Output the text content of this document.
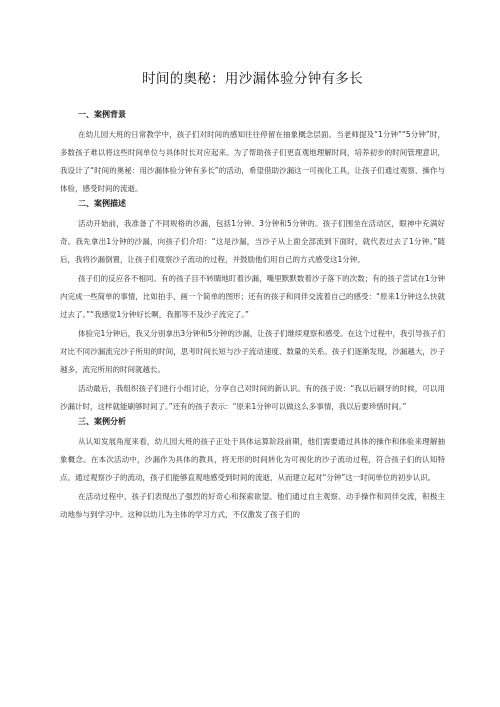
时间的奥秘：用沙漏体验分钟有多长
一、案例背景

在幼儿园大班的日常教学中，孩子们对时间的感知往往停留在抽象概念层面。当老师提及“1分钟”“5分钟”时，多数孩子难以将这些时间单位与具体时长对应起来。为了帮助孩子们更直观地理解时间，培养初步的时间管理意识，我设计了“时间的奥秘：用沙漏体验分钟有多长”的活动，希望借助沙漏这一可视化工具，让孩子们通过观察、操作与体验，感受时间的流逝。

二、案例描述

活动开始前，我准备了不同规格的沙漏，包括1分钟、3分钟和5分钟的。孩子们围坐在活动区，眼神中充满好奇。我先拿出1分钟的沙漏，向孩子们介绍：“这是沙漏，当沙子从上面全部流到下面时，就代表过去了1分钟。”随后，我将沙漏倒置，让孩子们观察沙子流动的过程，并鼓励他们用自己的方式感受这1分钟。

孩子们的反应各不相同。有的孩子目不转睛地盯着沙漏，嘴里默默数着沙子落下的次数；有的孩子尝试在1分钟内完成一些简单的事情，比如拍手、画一个简单的图形；还有的孩子和同伴交流着自己的感受：“原来1分钟这么快就过去了。”“我感觉1分钟好长啊，我都等不及沙子流完了。”

体验完1分钟后，我又分别拿出3分钟和5分钟的沙漏，让孩子们继续观察和感受。在这个过程中，我引导孩子们对比不同沙漏流完沙子所用的时间，思考时间长短与沙子流动速度、数量的关系。孩子们逐渐发现，沙漏越大，沙子越多，流完所用的时间就越长。

活动最后，我组织孩子们进行小组讨论，分享自己对时间的新认识。有的孩子说：“我以后刷牙的时候，可以用沙漏计时，这样就能刷够时间了。”还有的孩子表示：“原来1分钟可以做这么多事情，我以后要珍惜时间。”

三、案例分析

从认知发展角度来看，幼儿园大班的孩子正处于具体运算阶段前期，他们需要通过具体的操作和体验来理解抽象概念。在本次活动中，沙漏作为具体的教具，将无形的时间转化为可视化的沙子流动过程，符合孩子们的认知特点。通过观察沙子的流动，孩子们能够直观地感受到时间的流逝，从而建立起对“分钟”这一时间单位的初步认识。

在活动过程中，孩子们表现出了强烈的好奇心和探索欲望。他们通过自主观察、动手操作和同伴交流，积极主动地参与到学习中。这种以幼儿为主体的学习方式，不仅激发了孩子们的
